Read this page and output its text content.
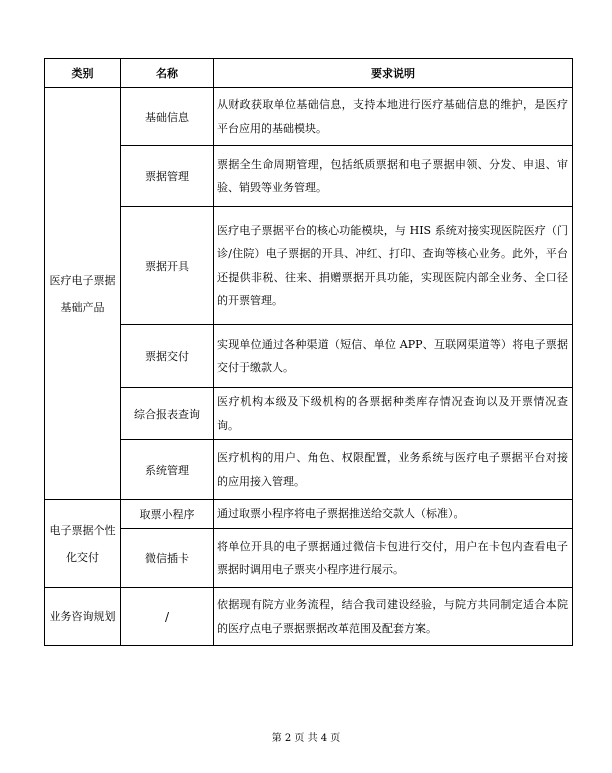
类别	名称	要求说明
医疗电子票据基础产品	基础信息	从财政获取单位基础信息，支持本地进行医疗基础信息的维护，是医疗平台应用的基础模块。
	票据管理	票据全生命周期管理，包括纸质票据和电子票据申领、分发、申退、审验、销毁等业务管理。
	票据开具	医疗电子票据平台的核心功能模块，与 HIS 系统对接实现医院医疗（门诊/住院）电子票据的开具、冲红、打印、查询等核心业务。此外，平台还提供非税、往来、捐赠票据开具功能，实现医院内部全业务、全口径的开票管理。
	票据交付	实现单位通过各种渠道（短信、单位 APP、互联网渠道等）将电子票据交付于缴款人。
	综合报表查询	医疗机构本级及下级机构的各票据种类库存情况查询以及开票情况查询。
	系统管理	医疗机构的用户、角色、权限配置，业务系统与医疗电子票据平台对接的应用接入管理。
电子票据个性化交付	取票小程序	通过取票小程序将电子票据推送给交款人（标准）。
	微信插卡	将单位开具的电子票据通过微信卡包进行交付，用户在卡包内查看电子票据时调用电子票夹小程序进行展示。
业务咨询规划	/	依据现有院方业务流程，结合我司建设经验，与院方共同制定适合本院的医疗点电子票据票据改革范围及配套方案。
第 2 页 共 4 页
